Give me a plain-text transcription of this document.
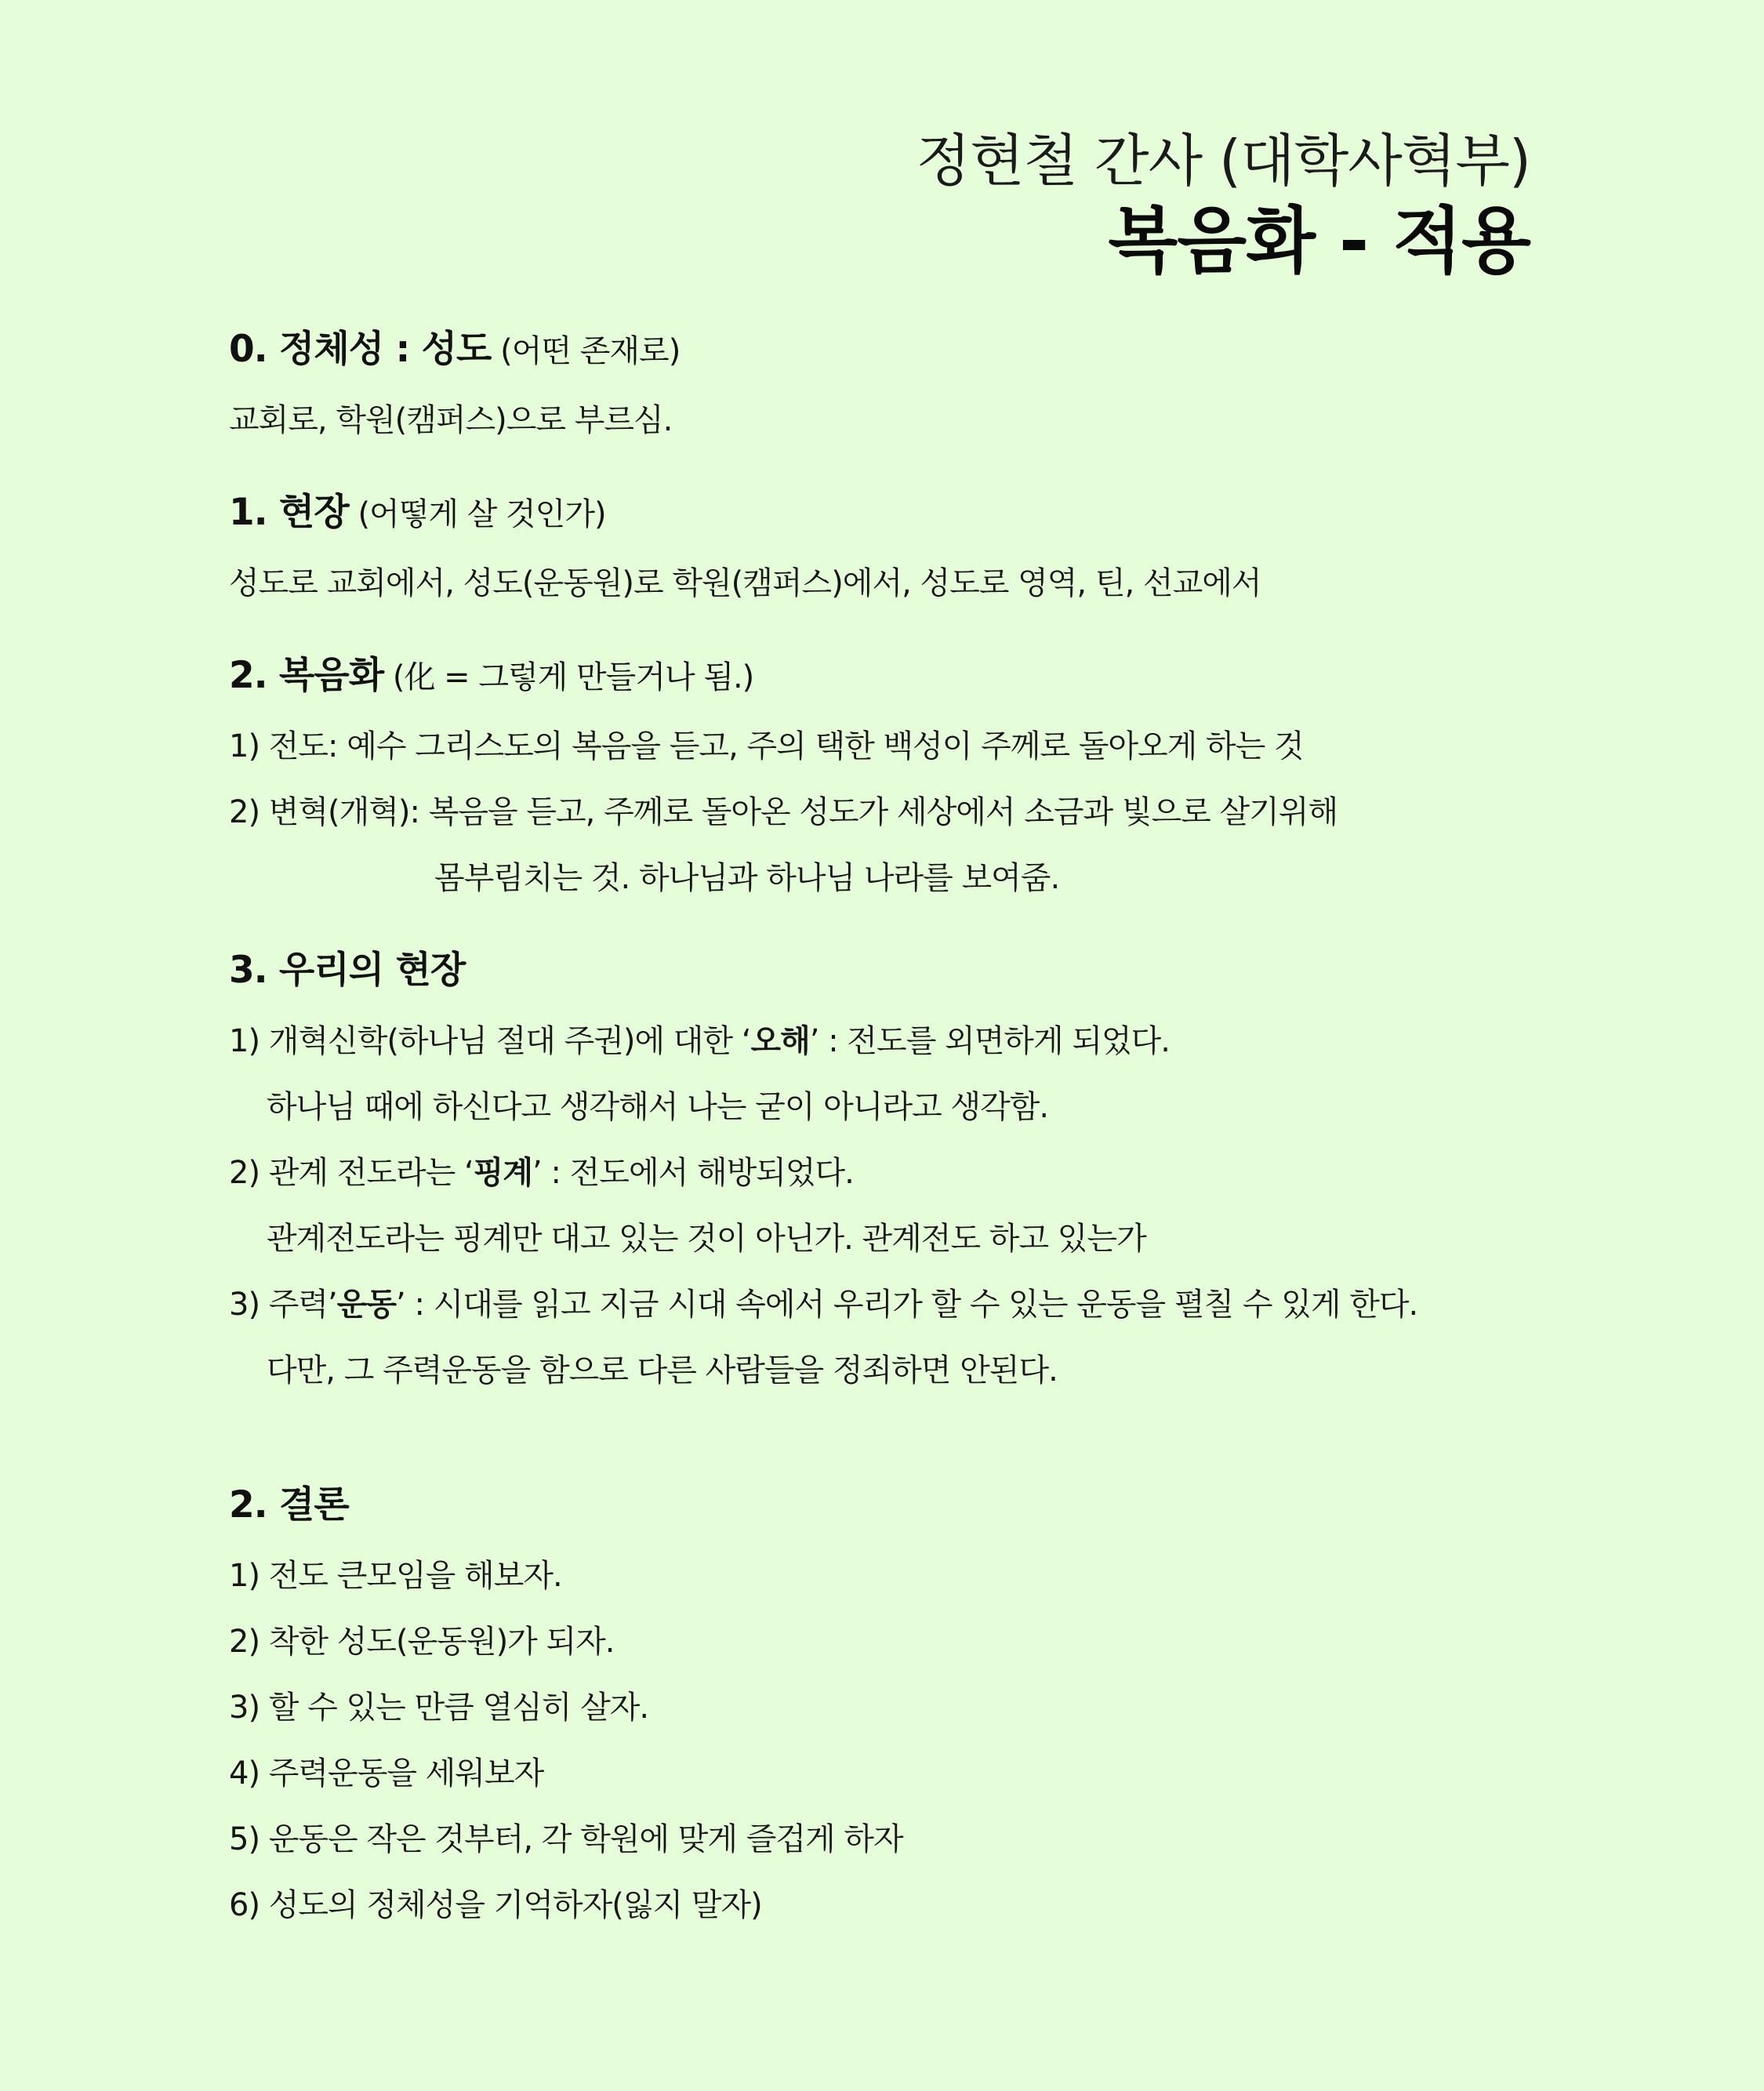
정현철 간사 (대학사혁부)
복음화 - 적용
0. 정체성 : 성도 (어떤 존재로)
교회로, 학원(캠퍼스)으로 부르심.
1. 현장 (어떻게 살 것인가)
성도로 교회에서, 성도(운동원)로 학원(캠퍼스)에서, 성도로 영역, 틴, 선교에서
2. 복음화 (化 = 그렇게 만들거나 됨.)
1) 전도: 예수 그리스도의 복음을 듣고, 주의 택한 백성이 주께로 돌아오게 하는 것
2) 변혁(개혁): 복음을 듣고, 주께로 돌아온 성도가 세상에서 소금과 빛으로 살기위해
몸부림치는 것. 하나님과 하나님 나라를 보여줌.
3. 우리의 현장
1) 개혁신학(하나님 절대 주권)에 대한 ‘오해’ : 전도를 외면하게 되었다.
하나님 때에 하신다고 생각해서 나는 굳이 아니라고 생각함.
2) 관계 전도라는 ‘핑계’ : 전도에서 해방되었다.
관계전도라는 핑계만 대고 있는 것이 아닌가. 관계전도 하고 있는가
3) 주력’운동’ : 시대를 읽고 지금 시대 속에서 우리가 할 수 있는 운동을 펼칠 수 있게 한다.
다만, 그 주력운동을 함으로 다른 사람들을 정죄하면 안된다.
2. 결론
1) 전도 큰모임을 해보자.
2) 착한 성도(운동원)가 되자.
3) 할 수 있는 만큼 열심히 살자.
4) 주력운동을 세워보자
5) 운동은 작은 것부터, 각 학원에 맞게 즐겁게 하자
6) 성도의 정체성을 기억하자(잃지 말자)
